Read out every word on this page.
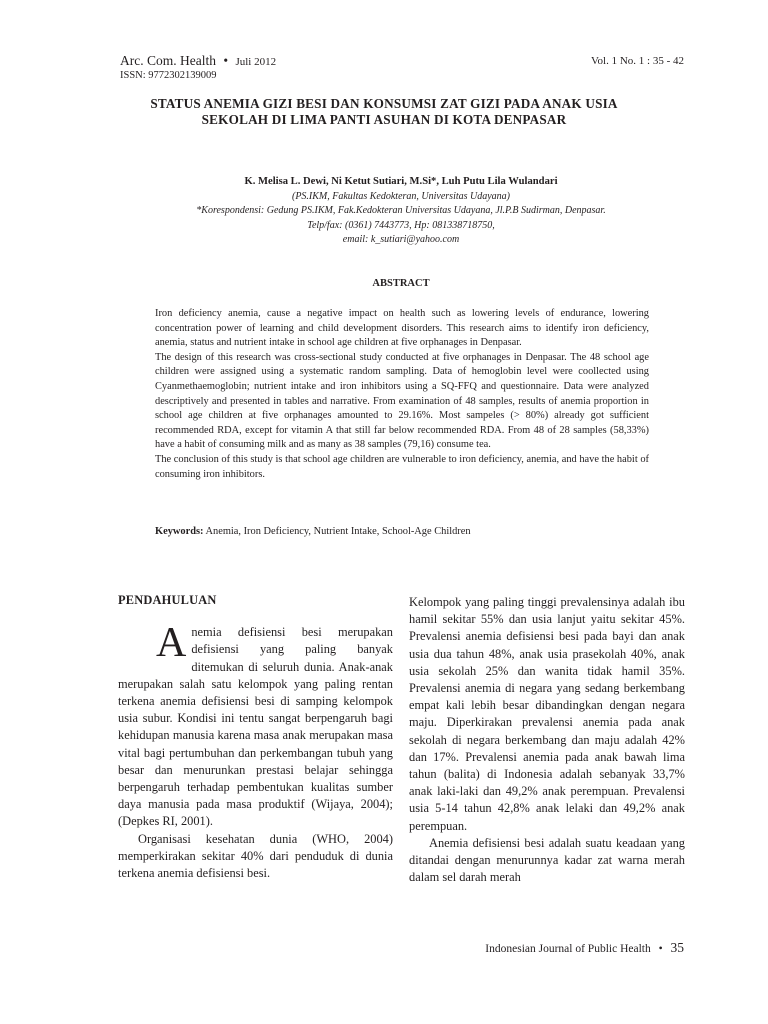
Arc. Com. Health • Juli 2012
ISSN: 9772302139009
Vol. 1 No. 1 : 35 - 42
STATUS ANEMIA GIZI BESI DAN KONSUMSI ZAT GIZI PADA ANAK USIA SEKOLAH DI LIMA PANTI ASUHAN DI KOTA DENPASAR
K. Melisa L. Dewi, Ni Ketut Sutiari, M.Si*, Luh Putu Lila Wulandari
(PS.IKM, Fakultas Kedokteran, Universitas Udayana)
*Korespondensi: Gedung PS.IKM, Fak.Kedokteran Universitas Udayana, Jl.P.B Sudirman, Denpasar.
Telp/fax: (0361) 7443773, Hp: 081338718750,
email: k_sutiari@yahoo.com
ABSTRACT

Iron deficiency anemia, cause a negative impact on health such as lowering levels of endurance, lowering concentration power of learning and child development disorders. This research aims to identify iron deficiency, anemia, status and nutrient intake in school age children at five orphanages in Denpasar.

The design of this research was cross-sectional study conducted at five orphanages in Denpasar. The 48 school age children were assigned using a systematic random sampling. Data of hemoglobin level were coollected using Cyanmethaemoglobin; nutrient intake and iron inhibitors using a SQ-FFQ and questionnaire. Data were analyzed descriptively and presented in tables and narrative. From examination of 48 samples, results of anemia proportion in school age children at five orphanages amounted to 29.16%. Most sampeles (> 80%) already got sufficient recommended RDA, except for vitamin A that still far below recommended RDA. From 48 of 28 samples (58,33%) have a habit of consuming milk and as many as 38 samples (79,16) consume tea.

The conclusion of this study is that school age children are vulnerable to iron deficiency, anemia, and have the habit of consuming iron inhibitors.

Keywords: Anemia, Iron Deficiency, Nutrient Intake, School-Age Children
PENDAHULUAN

Anemia defisiensi besi merupakan defisiensi yang paling banyak ditemukan di seluruh dunia. Anak-anak merupakan salah satu kelompok yang paling rentan terkena anemia defisiensi besi di samping kelompok usia subur. Kondisi ini tentu sangat berpengaruh bagi kehidupan manusia karena masa anak merupakan masa vital bagi pertumbuhan dan perkembangan tubuh yang besar dan menurunkan prestasi belajar sehingga berpengaruh terhadap pembentukan kualitas sumber daya manusia pada masa produktif (Wijaya, 2004); (Depkes RI, 2001).

Organisasi kesehatan dunia (WHO, 2004) memperkirakan sekitar 40% dari penduduk di dunia terkena anemia defisiensi besi.

Kelompok yang paling tinggi prevalensinya adalah ibu hamil sekitar 55% dan usia lanjut yaitu sekitar 45%. Prevalensi anemia defisiensi besi pada bayi dan anak usia dua tahun 48%, anak usia prasekolah 40%, anak usia sekolah 25% dan wanita tidak hamil 35%. Prevalensi anemia di negara yang sedang berkembang empat kali lebih besar dibandingkan dengan negara maju. Diperkirakan prevalensi anemia pada anak sekolah di negara berkembang dan maju adalah 42% dan 17%. Prevalensi anemia pada anak bawah lima tahun (balita) di Indonesia adalah sebanyak 33,7% anak laki-laki dan 49,2% anak perempuan. Prevalensi usia 5-14 tahun 42,8% anak lelaki dan 49,2% anak perempuan.

Anemia defisiensi besi adalah suatu keadaan yang ditandai dengan menurunnya kadar zat warna merah dalam sel darah merah

Indonesian Journal of Public Health • 35
